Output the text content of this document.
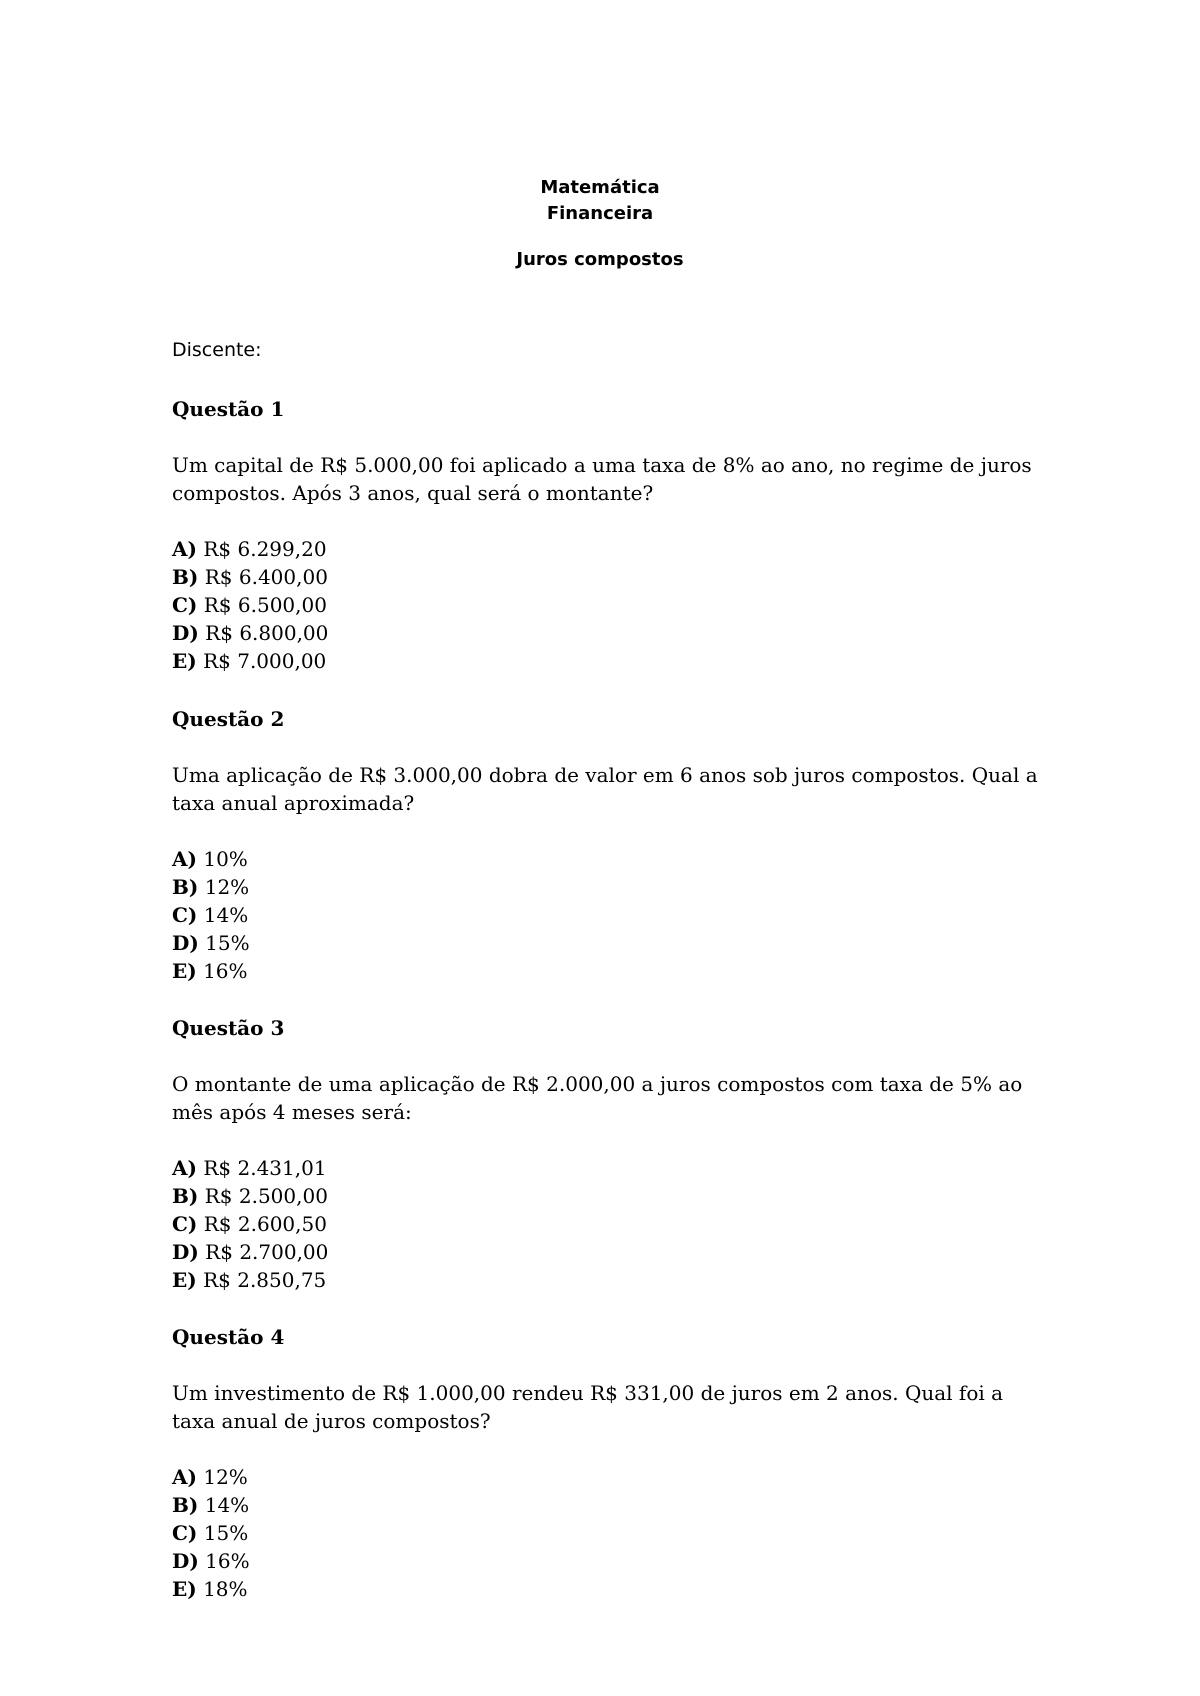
Matemática
Financeira
Juros compostos
Discente:
Questão 1
Um capital de R$ 5.000,00 foi aplicado a uma taxa de 8% ao ano, no regime de juros compostos. Após 3 anos, qual será o montante?
A) R$ 6.299,20
B) R$ 6.400,00
C) R$ 6.500,00
D) R$ 6.800,00
E) R$ 7.000,00
Questão 2
Uma aplicação de R$ 3.000,00 dobra de valor em 6 anos sob juros compostos. Qual a taxa anual aproximada?
A) 10%
B) 12%
C) 14%
D) 15%
E) 16%
Questão 3
O montante de uma aplicação de R$ 2.000,00 a juros compostos com taxa de 5% ao mês após 4 meses será:
A) R$ 2.431,01
B) R$ 2.500,00
C) R$ 2.600,50
D) R$ 2.700,00
E) R$ 2.850,75
Questão 4
Um investimento de R$ 1.000,00 rendeu R$ 331,00 de juros em 2 anos. Qual foi a taxa anual de juros compostos?
A) 12%
B) 14%
C) 15%
D) 16%
E) 18%
